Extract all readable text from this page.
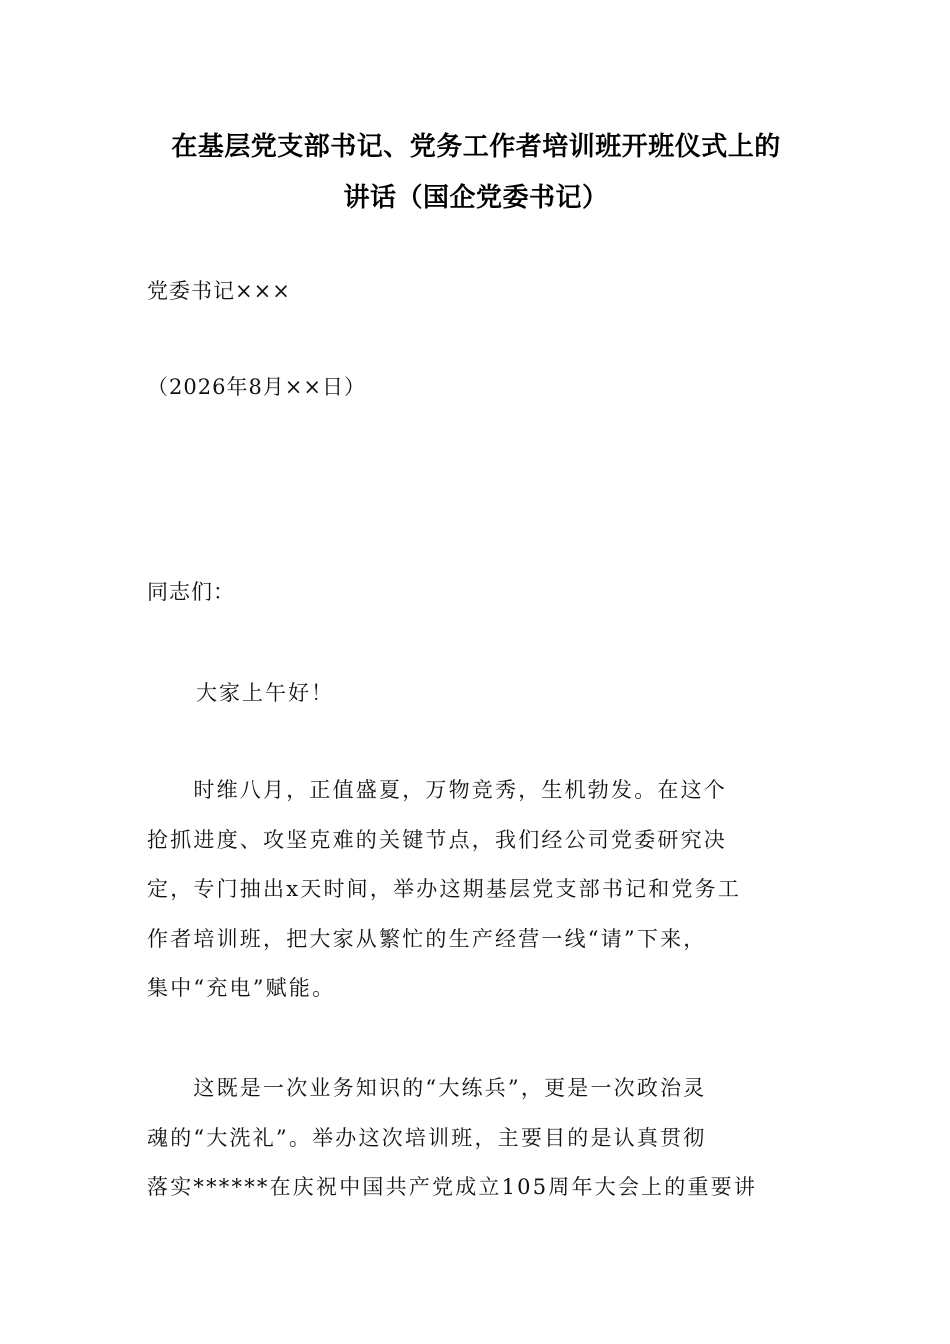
在基层党支部书记、党务工作者培训班开班仪式上的
讲话（国企党委书记）
党委书记×××
（2026年8月××日）
同志们：
大家上午好！
　　时维八月，正值盛夏，万物竞秀，生机勃发。在这个
抢抓进度、攻坚克难的关键节点，我们经公司党委研究决
定，专门抽出x天时间，举办这期基层党支部书记和党务工
作者培训班，把大家从繁忙的生产经营一线“请”下来，
集中“充电”赋能。
　　这既是一次业务知识的“大练兵”，更是一次政治灵
魂的“大洗礼”。举办这次培训班，主要目的是认真贯彻
落实******在庆祝中国共产党成立105周年大会上的重要讲
